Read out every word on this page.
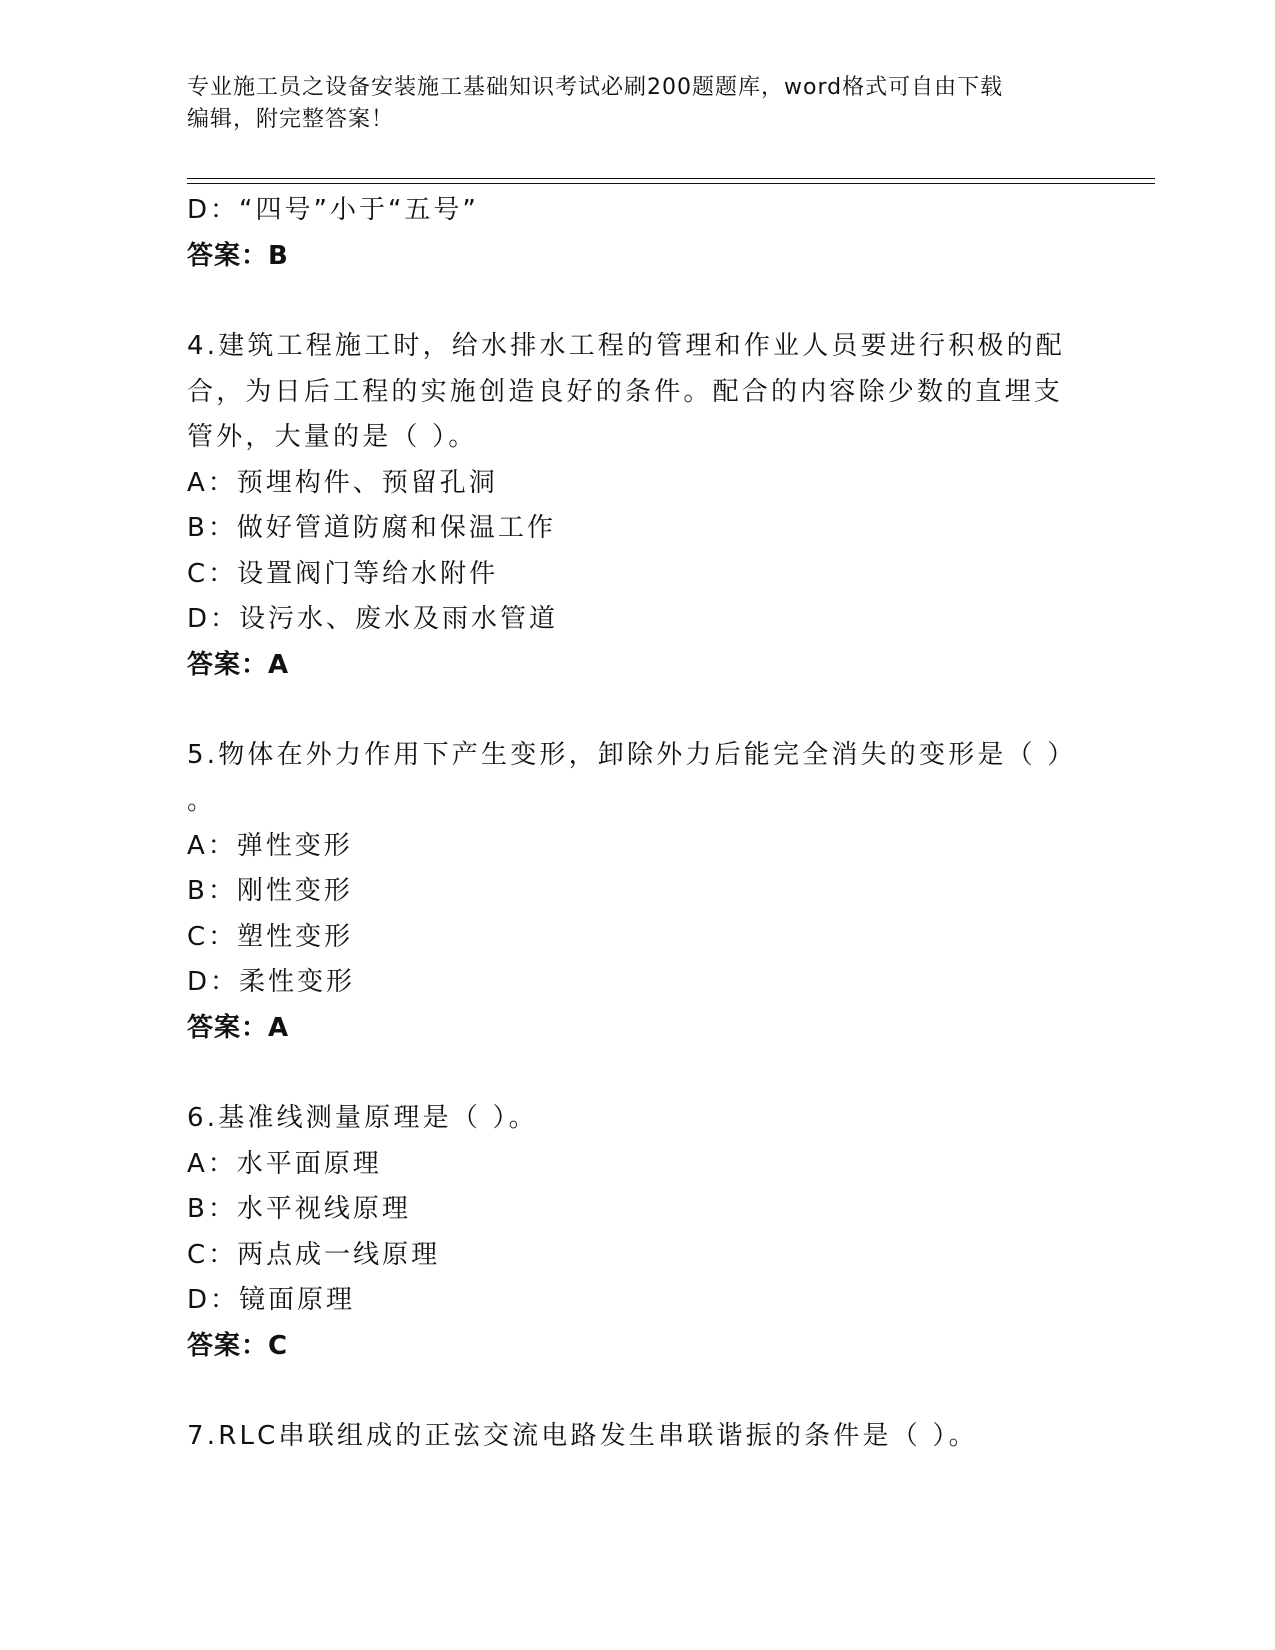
专业施工员之设备安装施工基础知识考试必刷200题题库，word格式可自由下载
编辑，附完整答案！
D：“四号”小于“五号”
答案：B
4.建筑工程施工时，给水排水工程的管理和作业人员要进行积极的配
合，为日后工程的实施创造良好的条件。配合的内容除少数的直埋支
管外，大量的是（ ）。
A：预埋构件、预留孔洞
B：做好管道防腐和保温工作
C：设置阀门等给水附件
D：设污水、废水及雨水管道
答案：A
5.物体在外力作用下产生变形，卸除外力后能完全消失的变形是（ ）
。
A：弹性变形
B：刚性变形
C：塑性变形
D：柔性变形
答案：A
6.基准线测量原理是（ ）。
A：水平面原理
B：水平视线原理
C：两点成一线原理
D：镜面原理
答案：C
7.RLC串联组成的正弦交流电路发生串联谐振的条件是（ ）。
